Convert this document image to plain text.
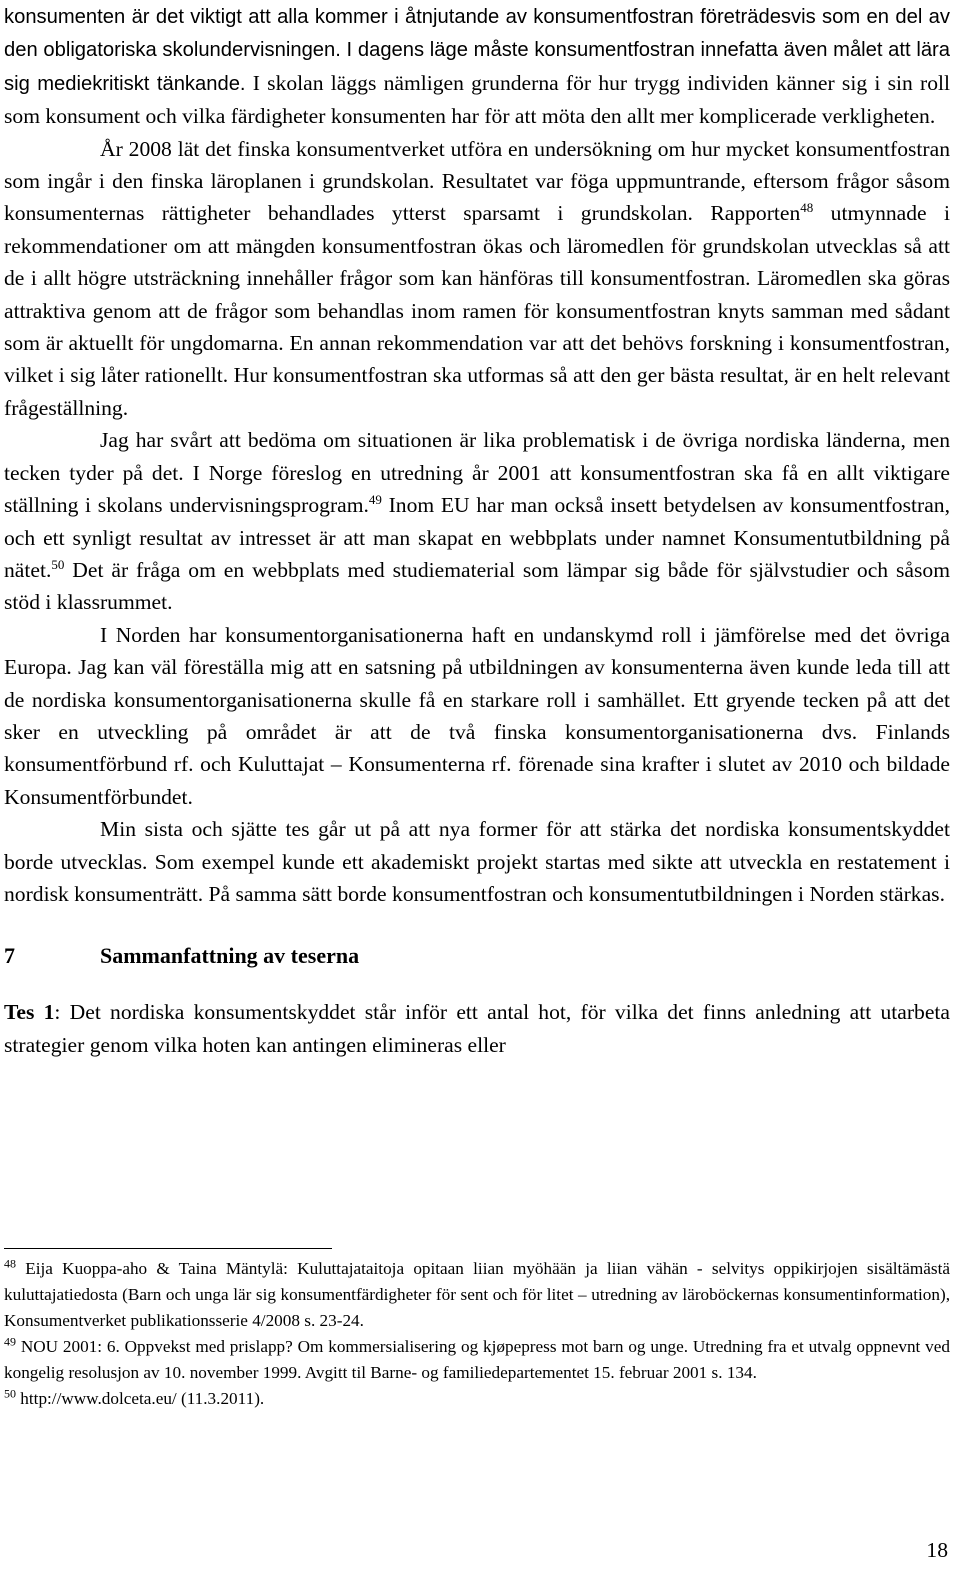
konsumenten är det viktigt att alla kommer i åtnjutande av konsumentfostran företrädesvis som en del av den obligatoriska skolundervisningen. I dagens läge måste konsumentfostran innefatta även målet att lära sig mediekritiskt tänkande. I skolan läggs nämligen grunderna för hur trygg individen känner sig i sin roll som konsument och vilka färdigheter konsumenten har för att möta den allt mer komplicerade verkligheten.

År 2008 lät det finska konsumentverket utföra en undersökning om hur mycket konsumentfostran som ingår i den finska läroplanen i grundskolan. Resultatet var föga uppmuntrande, eftersom frågor såsom konsumenternas rättigheter behandlades ytterst sparsamt i grundskolan. Rapporten$^{48}$ utmynnade i rekommendationer om att mängden konsumentfostran ökas och läromedlen för grundskolan utvecklas så att de i allt högre utsträckning innehåller frågor som kan hänföras till konsumentfostran. Läromedlen ska göras attraktiva genom att de frågor som behandlas inom ramen för konsumentfostran knyts samman med sådant som är aktuellt för ungdomarna. En annan rekommendation var att det behövs forskning i konsumentfostran, vilket i sig låter rationellt. Hur konsumentfostran ska utformas så att den ger bästa resultat, är en helt relevant frågeställning.

Jag har svårt att bedöma om situationen är lika problematisk i de övriga nordiska länderna, men tecken tyder på det. I Norge föreslog en utredning år 2001 att konsumentfostran ska få en allt viktigare ställning i skolans undervisningsprogram.$^{49}$ Inom EU har man också insett betydelsen av konsumentfostran, och ett synligt resultat av intresset är att man skapat en webbplats under namnet Konsumentutbildning på nätet.$^{50}$ Det är fråga om en webbplats med studiematerial som lämpar sig både för självstudier och såsom stöd i klassrummet.

I Norden har konsumentorganisationerna haft en undanskymd roll i jämförelse med det övriga Europa. Jag kan väl föreställa mig att en satsning på utbildningen av konsumenterna även kunde leda till att de nordiska konsumentorganisationerna skulle få en starkare roll i samhället. Ett gryende tecken på att det sker en utveckling på området är att de två finska konsumentorganisationerna dvs. Finlands konsumentförbund rf. och Kuluttajat – Konsumenterna rf. förenade sina krafter i slutet av 2010 och bildade Konsumentförbundet.

Min sista och sjätte tes går ut på att nya former för att stärka det nordiska konsumentskyddet borde utvecklas. Som exempel kunde ett akademiskt projekt startas med sikte att utveckla en restatement i nordisk konsumenträtt. På samma sätt borde konsumentfostran och konsumentutbildningen i Norden stärkas.

7	Sammanfattning av teserna

Tes 1: Det nordiska konsumentskyddet står inför ett antal hot, för vilka det finns anledning att utarbeta strategier genom vilka hoten kan antingen elimineras eller

$^{48}$ Eija Kuoppa-aho & Taina Mäntylä: Kuluttajataitoja opitaan liian myöhään ja liian vähän - selvitys oppikirjojen sisältämästä kuluttajatiedosta (Barn och unga lär sig konsumentfärdigheter för sent och för litet – utredning av läroböckernas konsumentinformation), Konsumentverket publikationsserie 4/2008 s. 23-24.

$^{49}$ NOU 2001: 6. Oppvekst med prislapp? Om kommersialisering og kjøpepress mot barn og unge. Utredning fra et utvalg oppnevnt ved kongelig resolusjon av 10. november 1999. Avgitt til Barne- og familiedepartementet 15. februar 2001 s. 134.

$^{50}$ http://www.dolceta.eu/ (11.3.2011).

18
